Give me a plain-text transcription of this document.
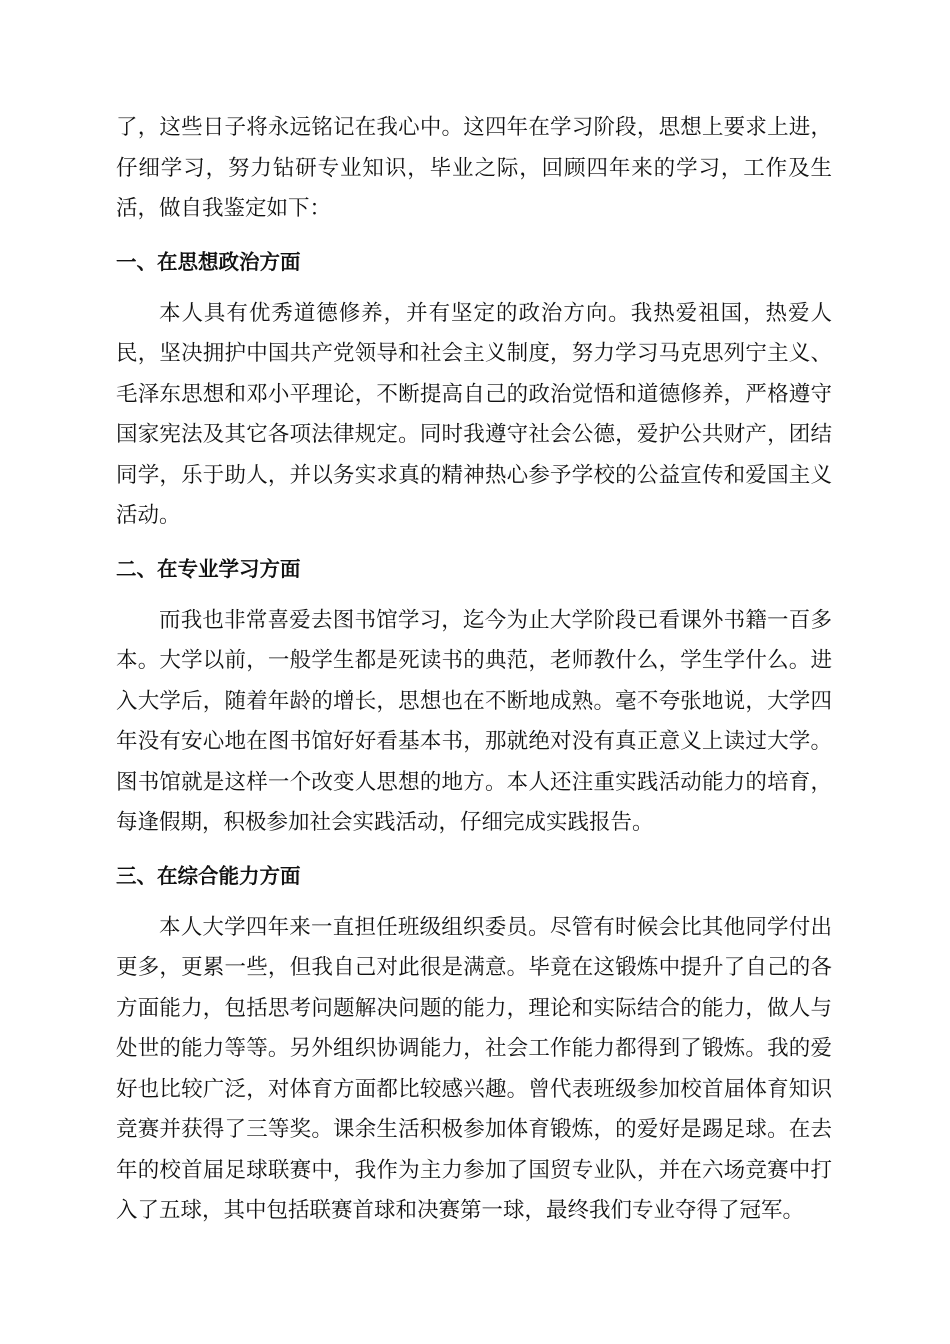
了，这些日子将永远铭记在我心中。这四年在学习阶段，思想上要求上进，仔细学习，努力钻研专业知识，毕业之际，回顾四年来的学习，工作及生活，做自我鉴定如下：

一、在思想政治方面

本人具有优秀道德修养，并有坚定的政治方向。我热爱祖国，热爱人民，坚决拥护中国共产党领导和社会主义制度，努力学习马克思列宁主义、毛泽东思想和邓小平理论，不断提高自己的政治觉悟和道德修养，严格遵守国家宪法及其它各项法律规定。同时我遵守社会公德，爱护公共财产，团结同学，乐于助人，并以务实求真的精神热心参予学校的公益宣传和爱国主义活动。

二、在专业学习方面

而我也非常喜爱去图书馆学习，迄今为止大学阶段已看课外书籍一百多本。大学以前，一般学生都是死读书的典范，老师教什么，学生学什么。进入大学后，随着年龄的增长，思想也在不断地成熟。毫不夸张地说，大学四年没有安心地在图书馆好好看基本书，那就绝对没有真正意义上读过大学。图书馆就是这样一个改变人思想的地方。本人还注重实践活动能力的培育，每逢假期，积极参加社会实践活动，仔细完成实践报告。

三、在综合能力方面

本人大学四年来一直担任班级组织委员。尽管有时候会比其他同学付出更多，更累一些，但我自己对此很是满意。毕竟在这锻炼中提升了自己的各方面能力，包括思考问题解决问题的能力，理论和实际结合的能力，做人与处世的能力等等。另外组织协调能力，社会工作能力都得到了锻炼。我的爱好也比较广泛，对体育方面都比较感兴趣。曾代表班级参加校首届体育知识竞赛并获得了三等奖。课余生活积极参加体育锻炼，的爱好是踢足球。在去年的校首届足球联赛中，我作为主力参加了国贸专业队，并在六场竞赛中打入了五球，其中包括联赛首球和决赛第一球，最终我们专业夺得了冠军。
